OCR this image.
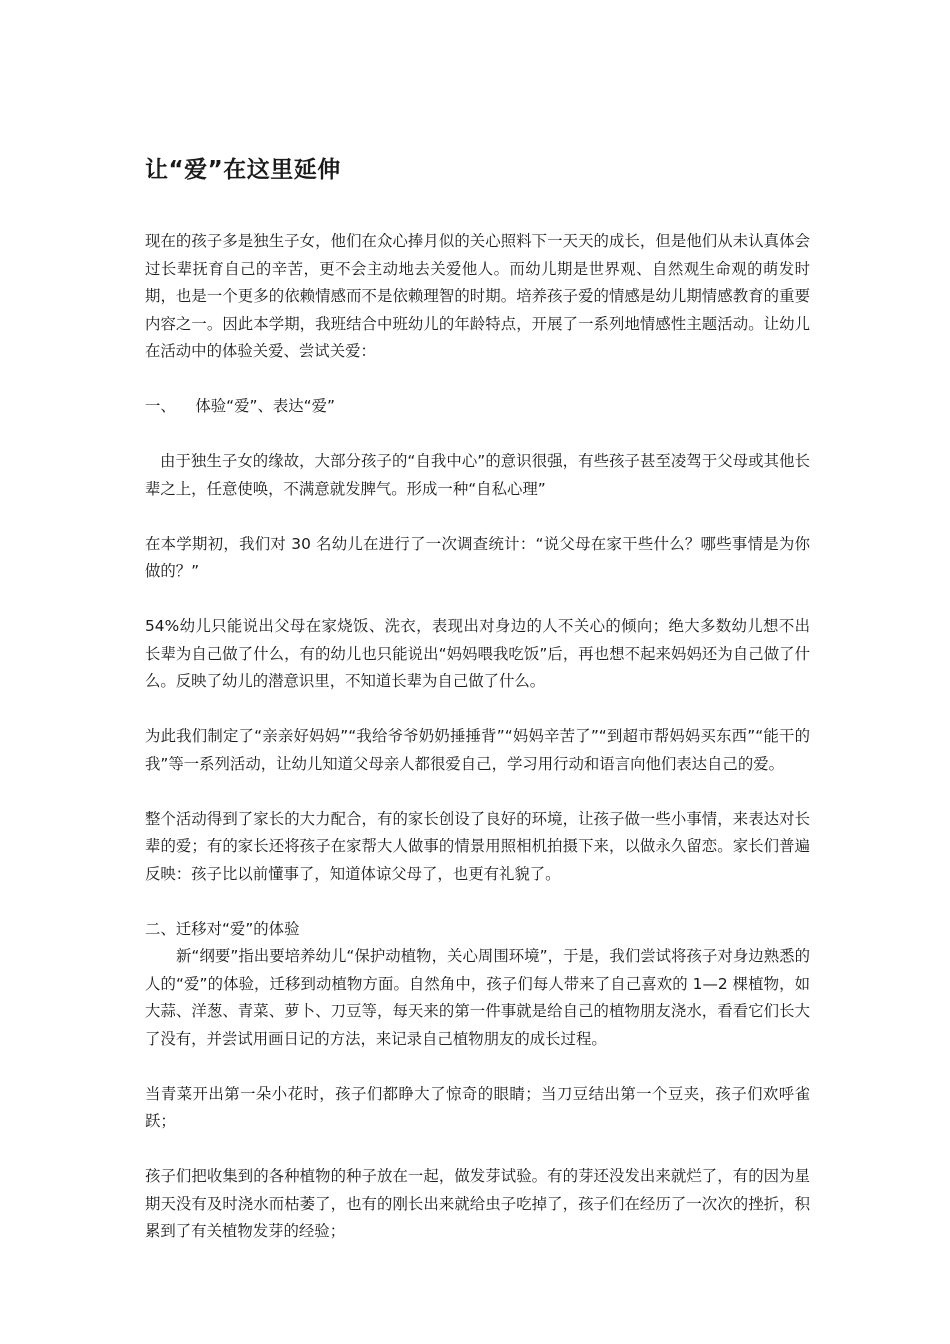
让“爱”在这里延伸

现在的孩子多是独生子女，他们在众心捧月似的关心照料下一天天的成长，但是他们从未认真体会过长辈抚育自己的辛苦，更不会主动地去关爱他人。而幼儿期是世界观、自然观生命观的萌发时期，也是一个更多的依赖情感而不是依赖理智的时期。培养孩子爱的情感是幼儿期情感教育的重要内容之一。因此本学期，我班结合中班幼儿的年龄特点，开展了一系列地情感性主题活动。让幼儿在活动中的体验关爱、尝试关爱：

一、    体验“爱”、表达“爱”

由于独生子女的缘故，大部分孩子的“自我中心”的意识很强，有些孩子甚至凌驾于父母或其他长辈之上，任意使唤，不满意就发脾气。形成一种“自私心理”

在本学期初，我们对 30 名幼儿在进行了一次调查统计：“说父母在家干些什么？哪些事情是为你做的？”

54%幼儿只能说出父母在家烧饭、洗衣，表现出对身边的人不关心的倾向；绝大多数幼儿想不出长辈为自己做了什么，有的幼儿也只能说出“妈妈喂我吃饭”后，再也想不起来妈妈还为自己做了什么。反映了幼儿的潜意识里，不知道长辈为自己做了什么。

为此我们制定了“亲亲好妈妈”“我给爷爷奶奶捶捶背”“妈妈辛苦了”“到超市帮妈妈买东西”“能干的我”等一系列活动，让幼儿知道父母亲人都很爱自己，学习用行动和语言向他们表达自己的爱。

整个活动得到了家长的大力配合，有的家长创设了良好的环境，让孩子做一些小事情，来表达对长辈的爱；有的家长还将孩子在家帮大人做事的情景用照相机拍摄下来，以做永久留恋。家长们普遍反映：孩子比以前懂事了，知道体谅父母了，也更有礼貌了。

二、迁移对“爱”的体验

新“纲要”指出要培养幼儿“保护动植物，关心周围环境”，于是，我们尝试将孩子对身边熟悉的人的“爱”的体验，迁移到动植物方面。自然角中，孩子们每人带来了自己喜欢的 1—2 棵植物，如大蒜、洋葱、青菜、萝卜、刀豆等，每天来的第一件事就是给自己的植物朋友浇水，看看它们长大了没有，并尝试用画日记的方法，来记录自己植物朋友的成长过程。

当青菜开出第一朵小花时，孩子们都睁大了惊奇的眼睛；当刀豆结出第一个豆夹，孩子们欢呼雀跃；

孩子们把收集到的各种植物的种子放在一起，做发芽试验。有的芽还没发出来就烂了，有的因为星期天没有及时浇水而枯萎了，也有的刚长出来就给虫子吃掉了，孩子们在经历了一次次的挫折，积累到了有关植物发芽的经验；
